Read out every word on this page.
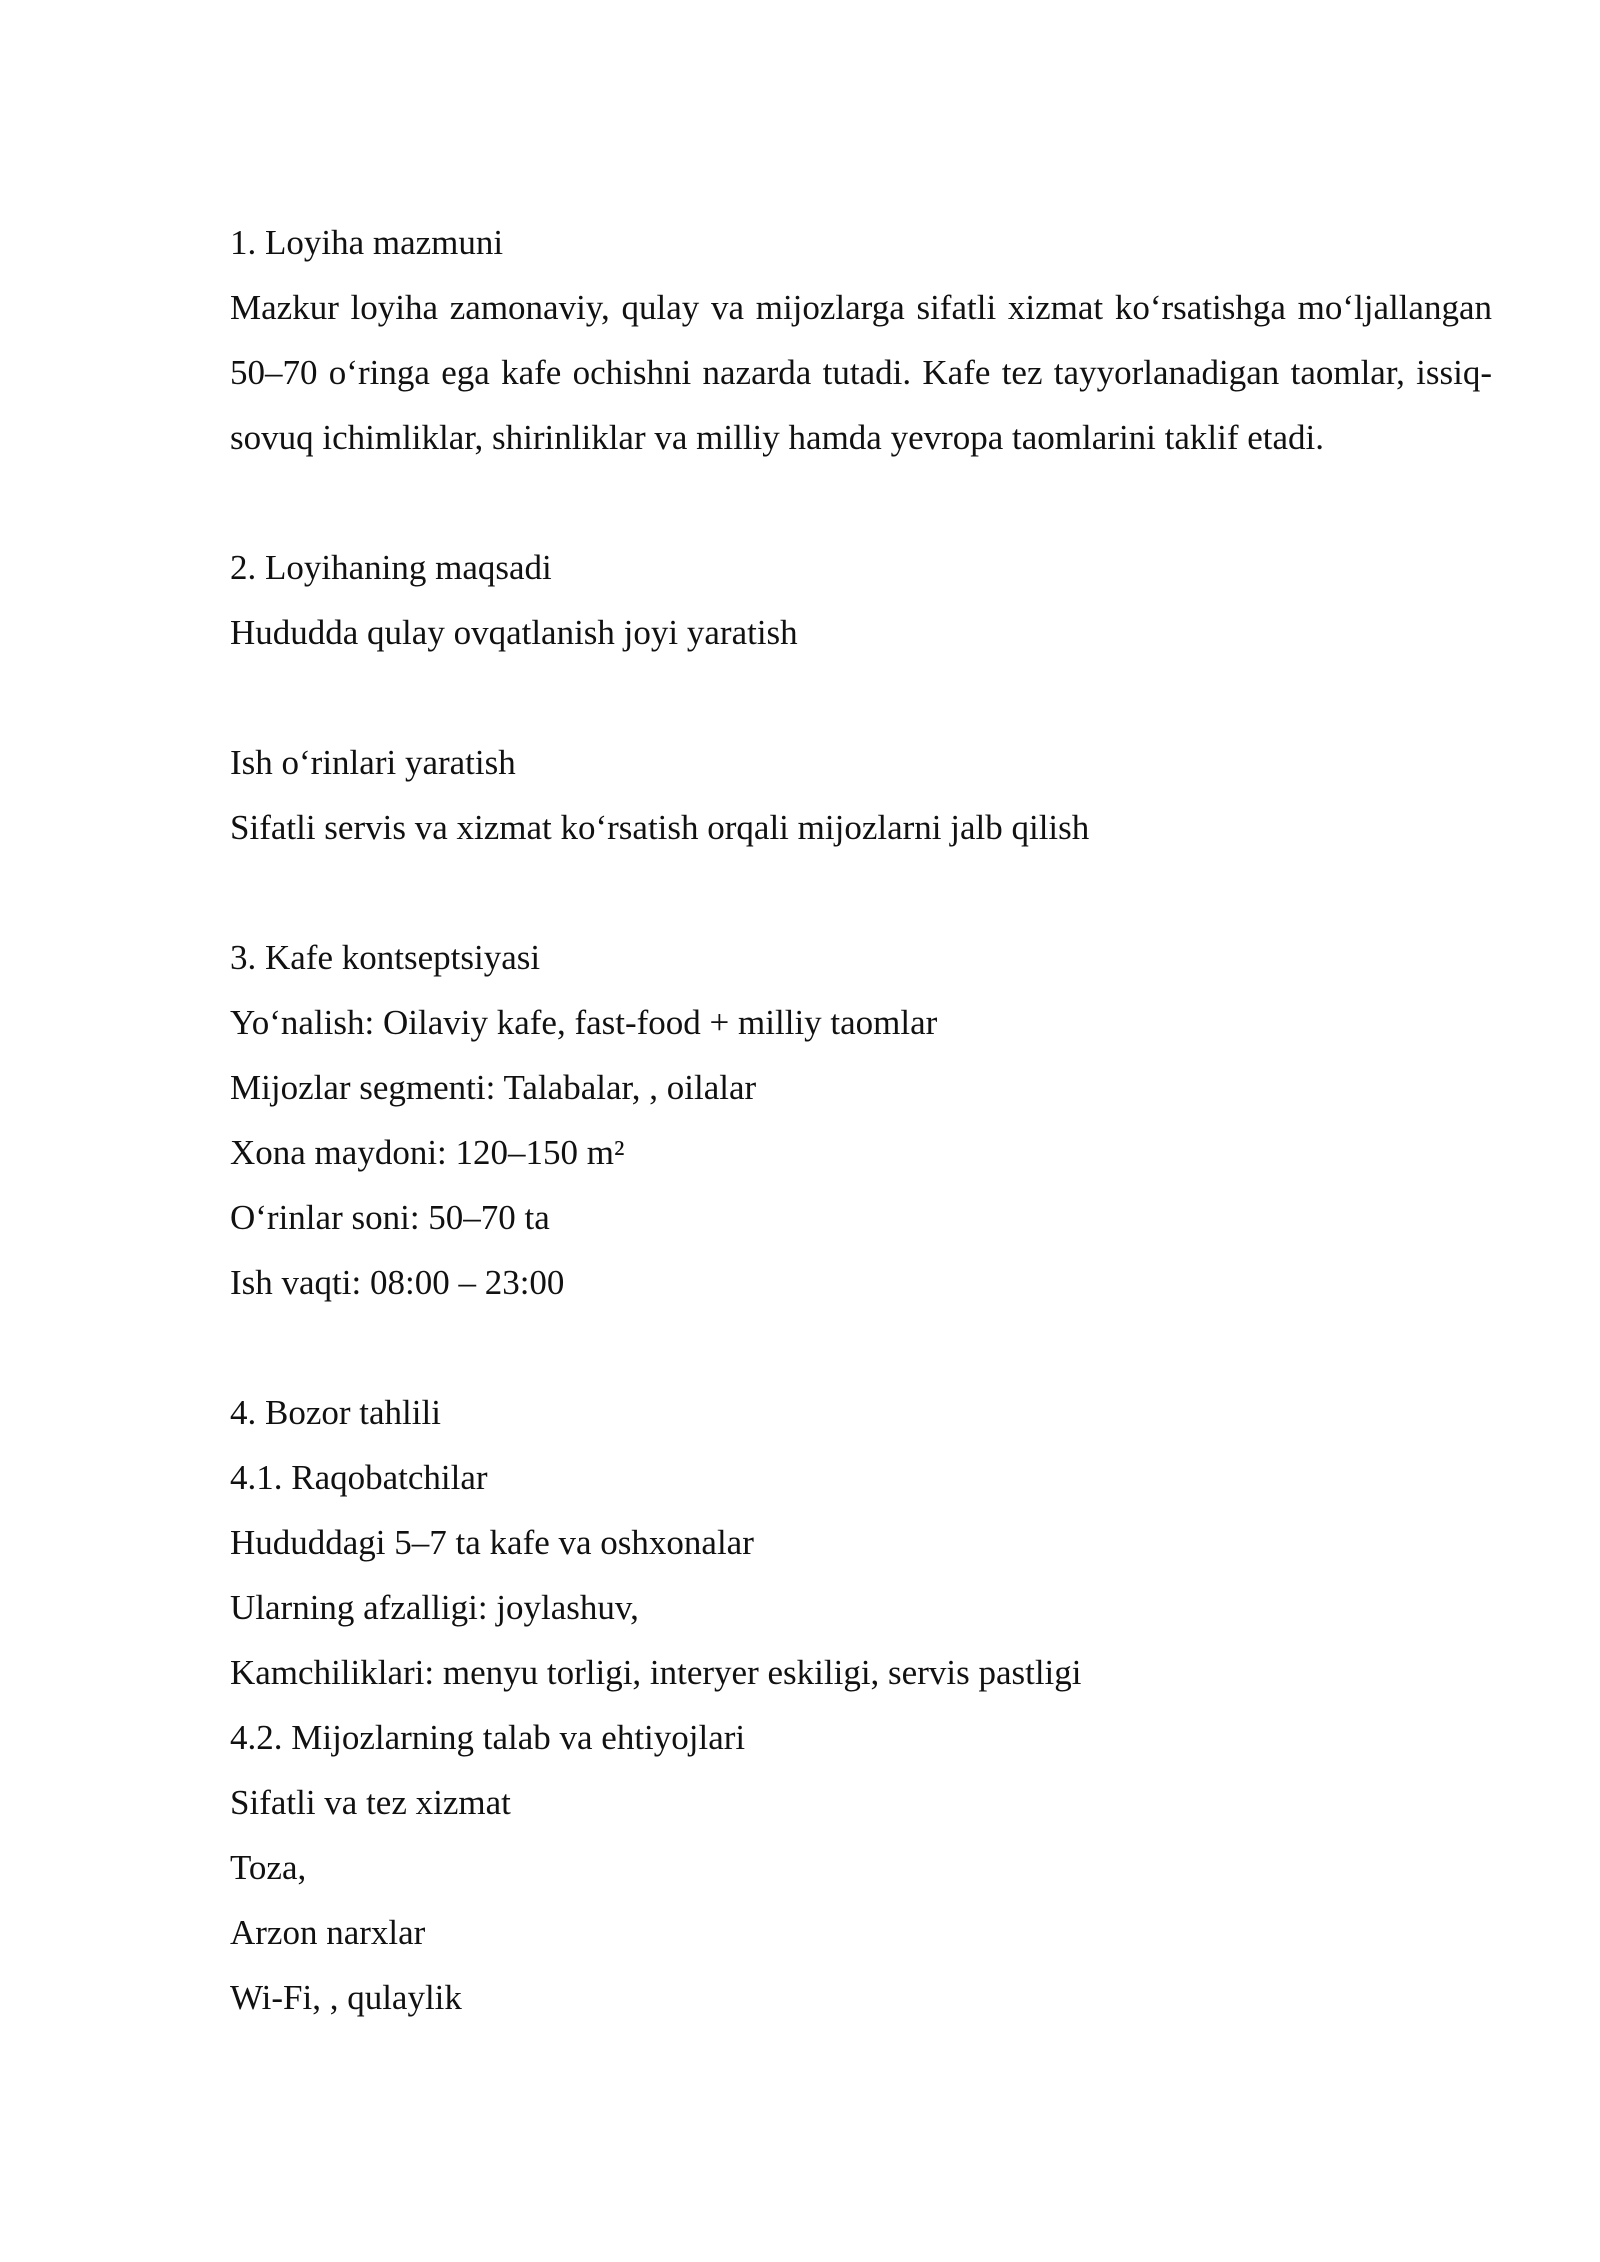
1. Loyiha mazmuni

Mazkur loyiha zamonaviy, qulay va mijozlarga sifatli xizmat ko‘rsatishga mo‘ljallangan 50–70 o‘ringa ega kafe ochishni nazarda tutadi. Kafe tez tayyorlanadigan taomlar, issiq-sovuq ichimliklar, shirinliklar va milliy hamda yevropa taomlarini taklif etadi.

2. Loyihaning maqsadi

Hududda qulay ovqatlanish joyi yaratish

Ish o‘rinlari yaratish

Sifatli servis va xizmat ko‘rsatish orqali mijozlarni jalb qilish

3. Kafe kontseptsiyasi

Yo‘nalish: Oilaviy kafe, fast-food + milliy taomlar

Mijozlar segmenti: Talabalar, , oilalar

Xona maydoni: 120–150 m²

O‘rinlar soni: 50–70 ta

Ish vaqti: 08:00 – 23:00

4. Bozor tahlili

4.1. Raqobatchilar

Hududdagi 5–7 ta kafe va oshxonalar

Ularning afzalligi: joylashuv,

Kamchiliklari: menyu torligi, interyer eskiligi, servis pastligi

4.2. Mijozlarning talab va ehtiyojlari

Sifatli va tez xizmat

Toza,

Arzon narxlar

Wi-Fi, , qulaylik
